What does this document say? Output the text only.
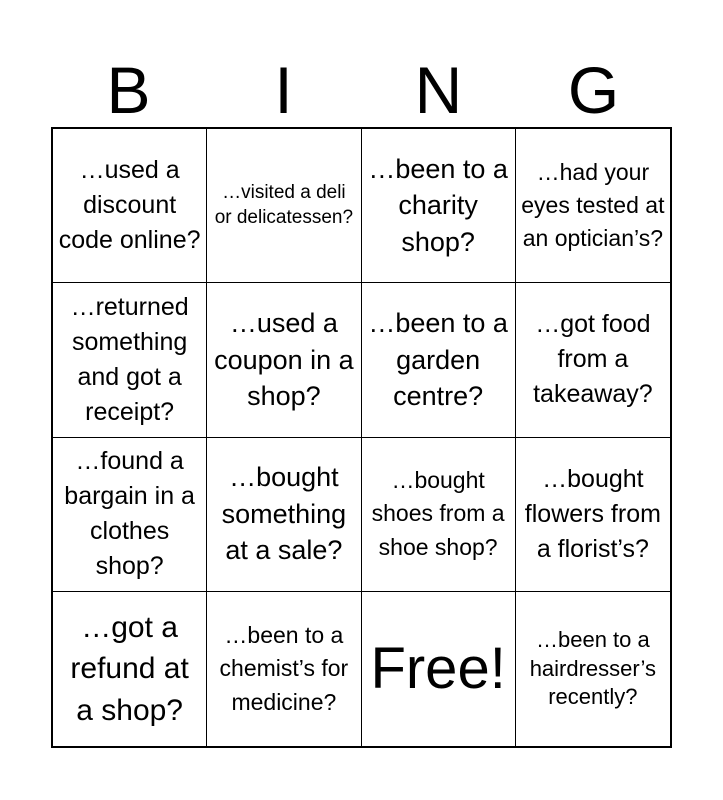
B	I	N	G
…used a discount code online?
…visited a deli or delicatessen?
…been to a charity shop?
…had your eyes tested at an optician’s?
…returned something and got a receipt?
…used a coupon in a shop?
…been to a garden centre?
…got food from a takeaway?
…found a bargain in a clothes shop?
…bought something at a sale?
…bought shoes from a shoe shop?
…bought flowers from a florist’s?
…got a refund at a shop?
…been to a chemist’s for medicine?
Free!	…been to a hairdresser’s recently?
